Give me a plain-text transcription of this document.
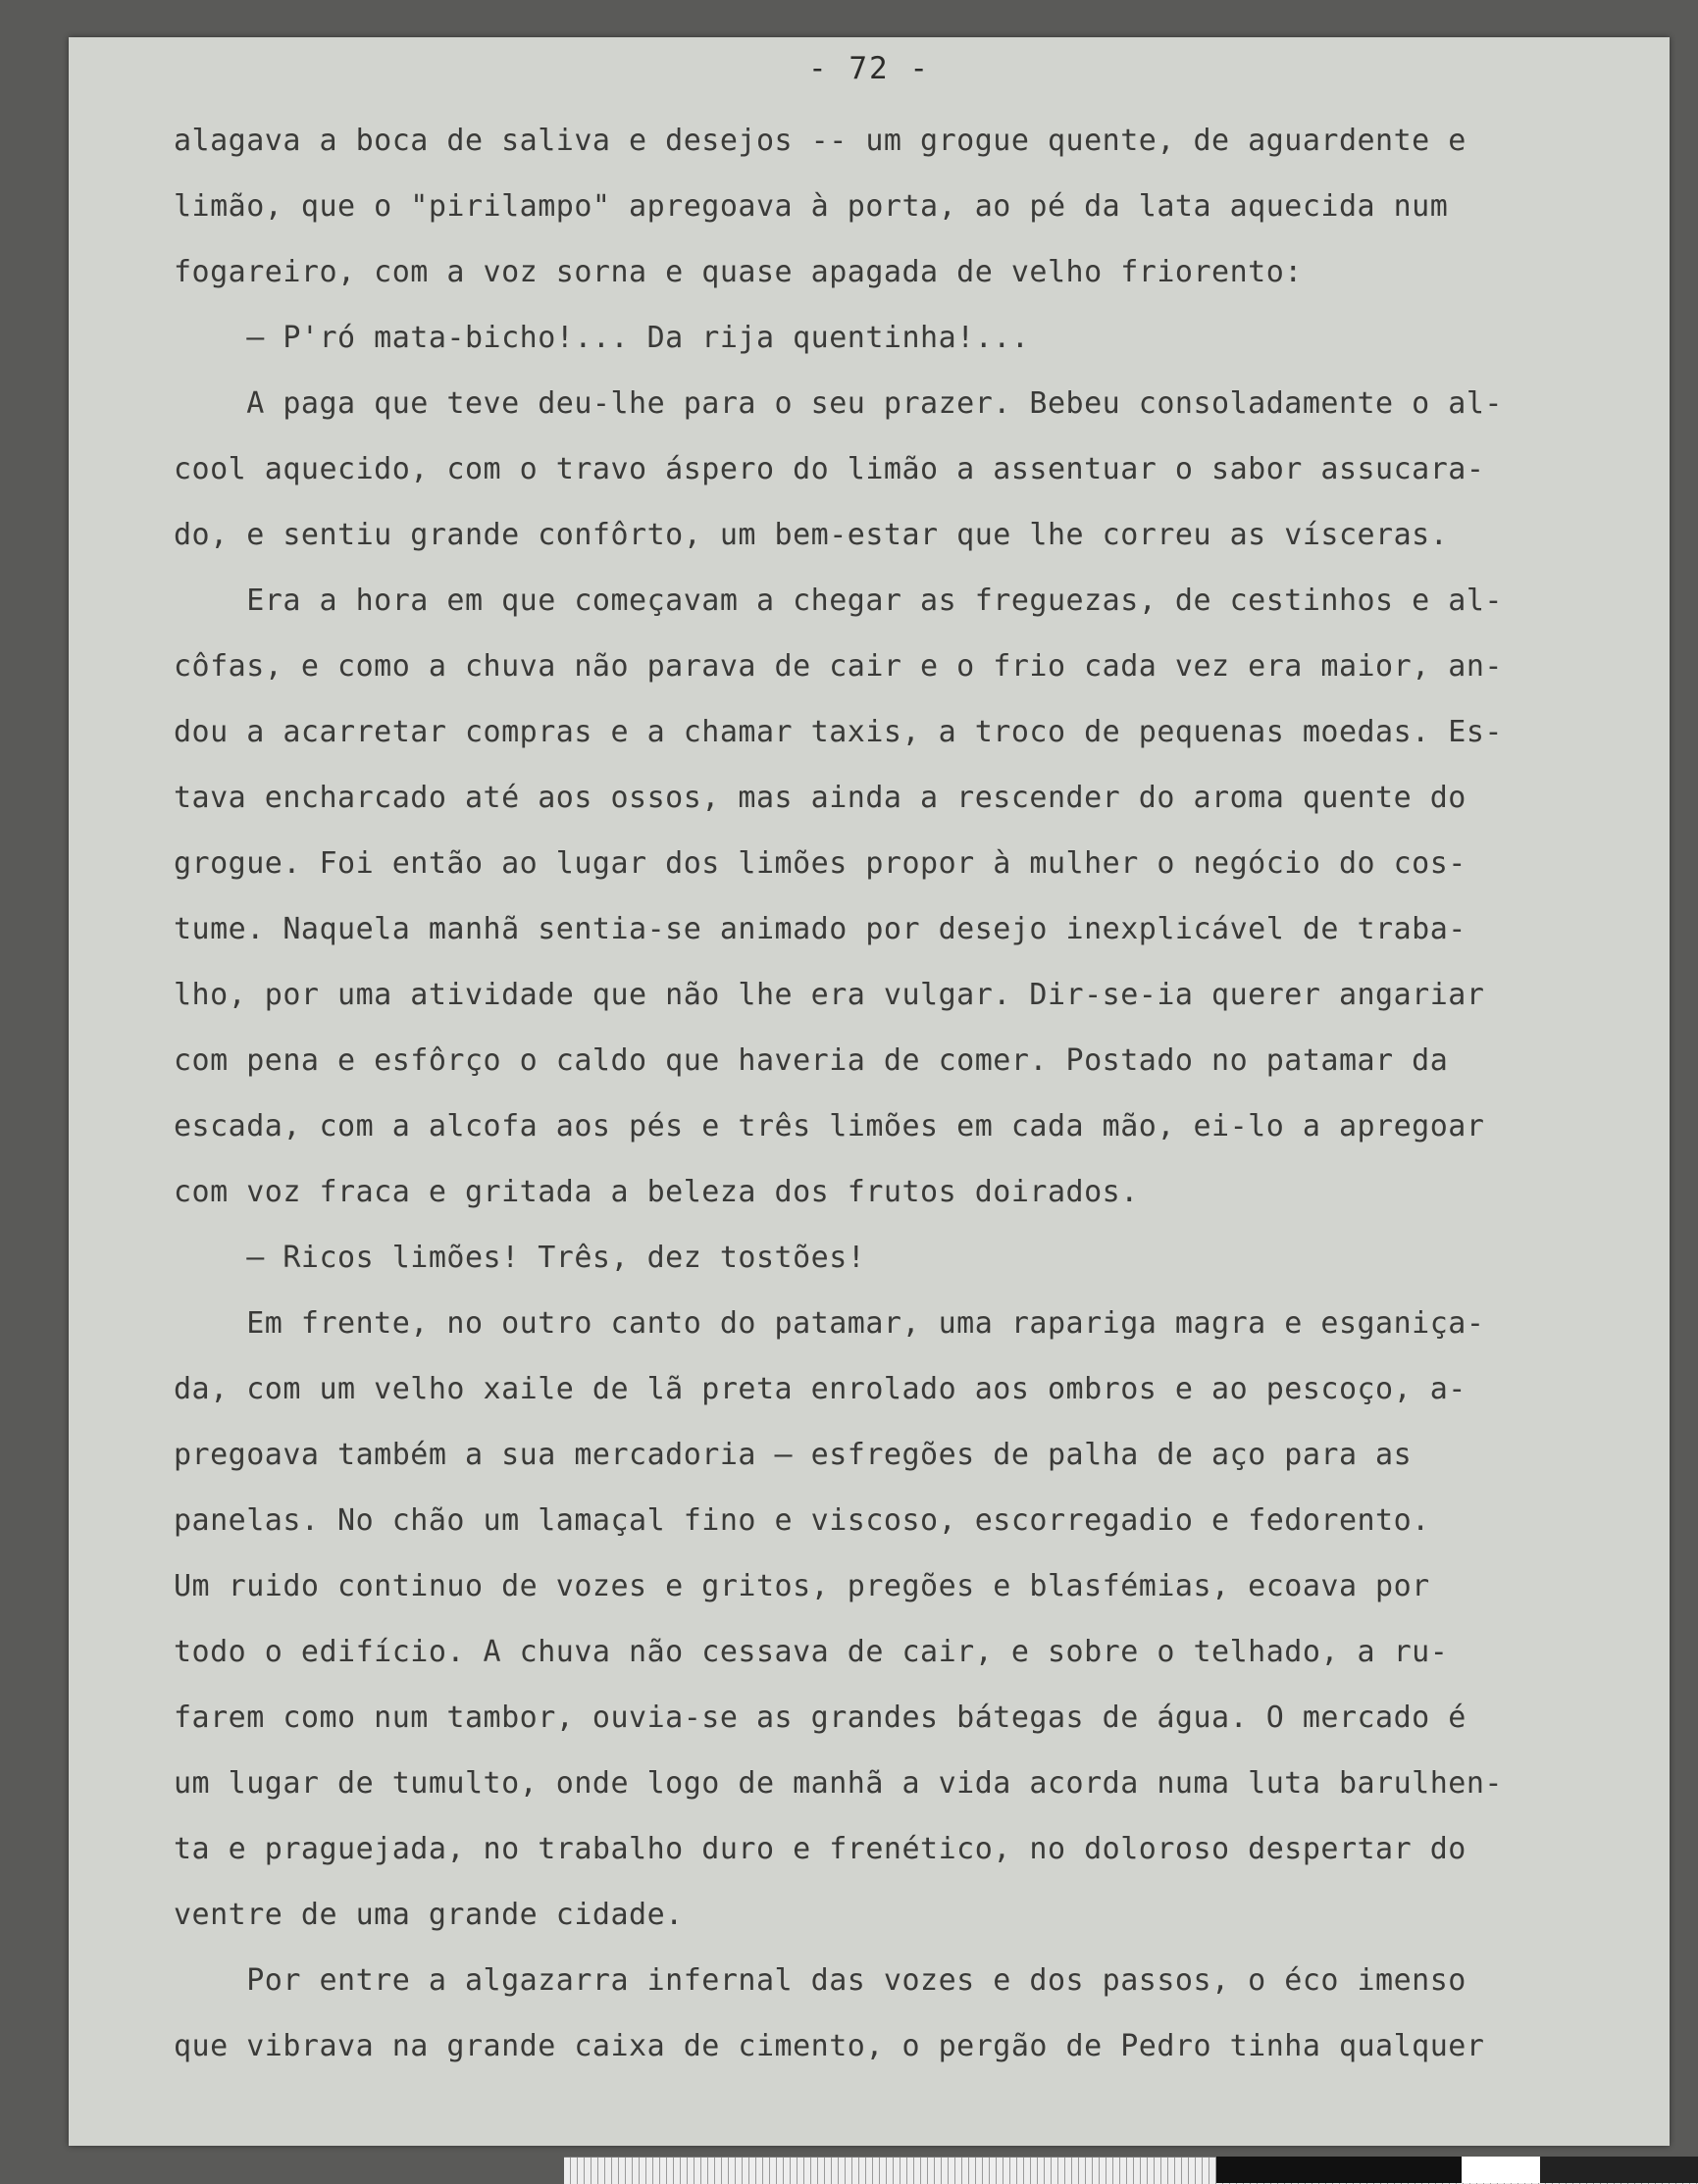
- 72 -
alagava a boca de saliva e desejos -- um grogue quente, de aguardente e
limão, que o "pirilampo" apregoava à porta, ao pé da lata aquecida num
fogareiro, com a voz sorna e quase apagada de velho friorento:
— P'ró mata-bicho!... Da rija quentinha!...
A paga que teve deu-lhe para o seu prazer. Bebeu consoladamente o al-
cool aquecido, com o travo áspero do limão a assentuar o sabor assucara-
do, e sentiu grande confôrto, um bem-estar que lhe correu as vísceras.
Era a hora em que começavam a chegar as freguezas, de cestinhos e al-
côfas, e como a chuva não parava de cair e o frio cada vez era maior, an-
dou a acarretar compras e a chamar taxis, a troco de pequenas moedas. Es-
tava encharcado até aos ossos, mas ainda a rescender do aroma quente do
grogue. Foi então ao lugar dos limões propor à mulher o negócio do cos-
tume. Naquela manhã sentia-se animado por desejo inexplicável de traba-
lho, por uma atividade que não lhe era vulgar. Dir-se-ia querer angariar
com pena e esfôrço o caldo que haveria de comer. Postado no patamar da
escada, com a alcofa aos pés e três limões em cada mão, ei-lo a apregoar
com voz fraca e gritada a beleza dos frutos doirados.
— Ricos limões! Três, dez tostões!
Em frente, no outro canto do patamar, uma rapariga magra e esganiça-
da, com um velho xaile de lã preta enrolado aos ombros e ao pescoço, a-
pregoava também a sua mercadoria — esfregões de palha de aço para as
panelas. No chão um lamaçal fino e viscoso, escorregadio e fedorento.
Um ruido continuo de vozes e gritos, pregões e blasfémias, ecoava por
todo o edifício. A chuva não cessava de cair, e sobre o telhado, a ru-
farem como num tambor, ouvia-se as grandes bátegas de água. O mercado é
um lugar de tumulto, onde logo de manhã a vida acorda numa luta barulhen-
ta e praguejada, no trabalho duro e frenético, no doloroso despertar do
ventre de uma grande cidade.
Por entre a algazarra infernal das vozes e dos passos, o éco imenso
que vibrava na grande caixa de cimento, o pergão de Pedro tinha qualquer
